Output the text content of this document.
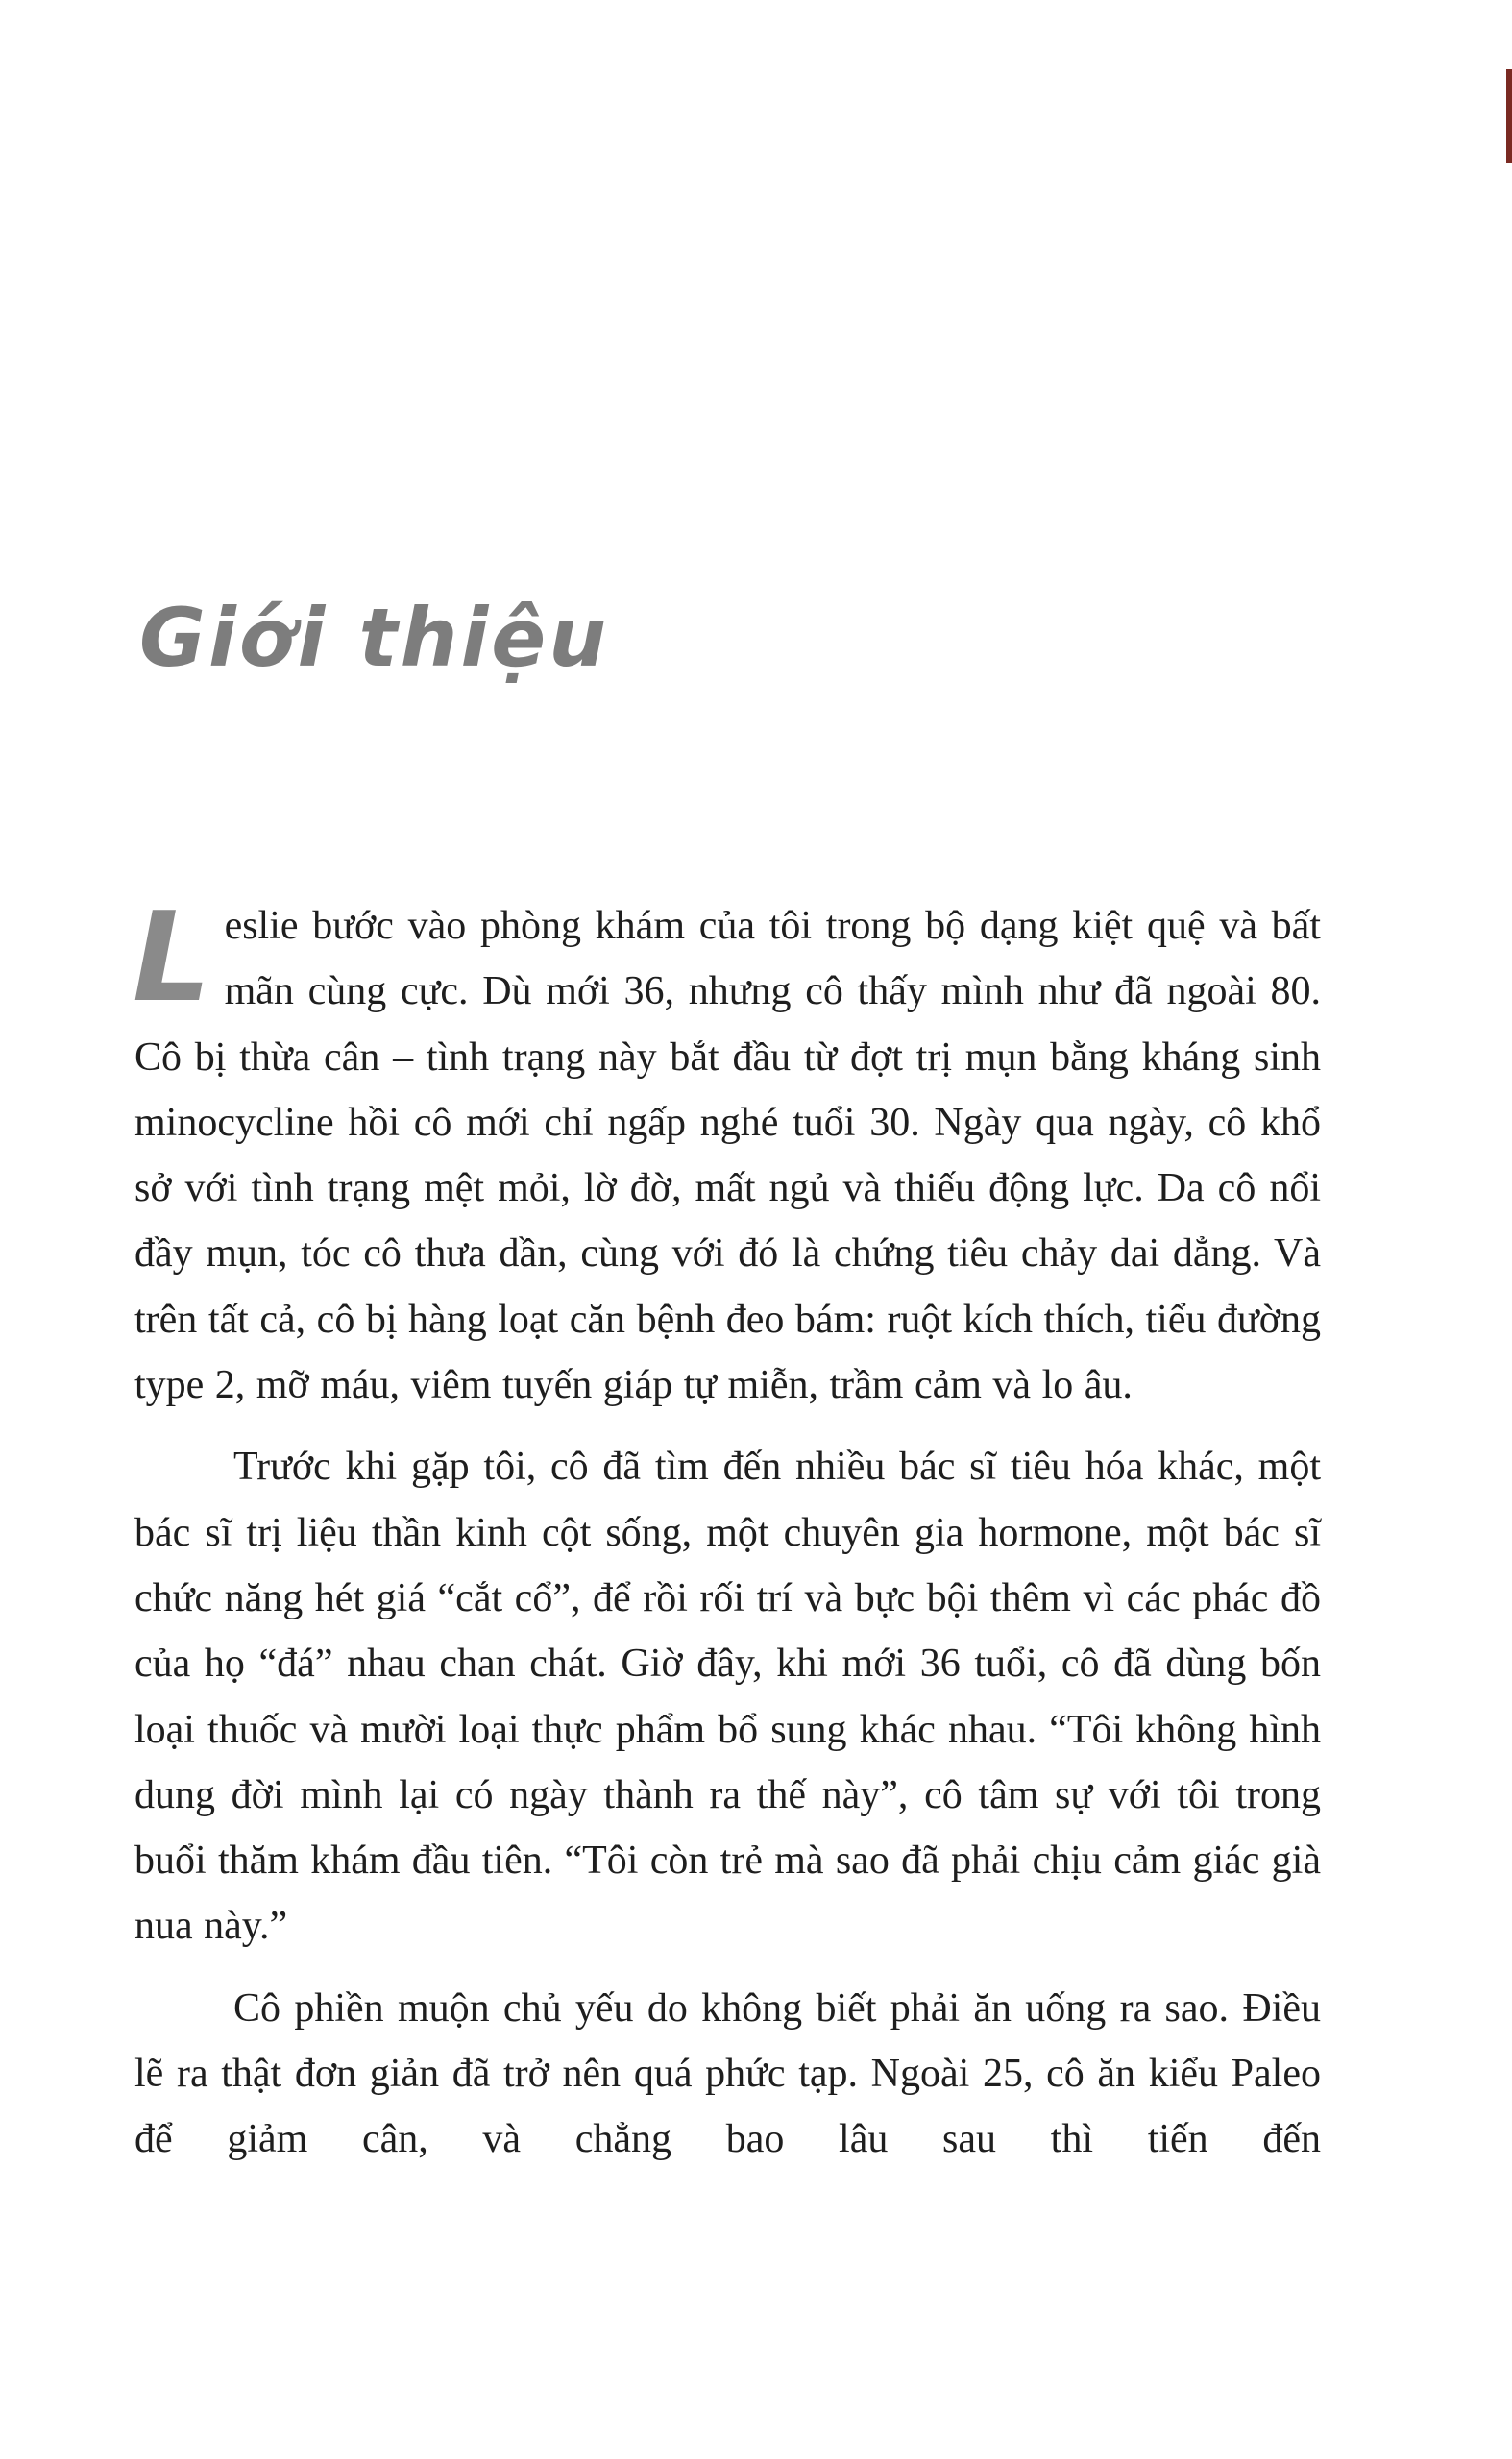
Giới thiệu

Leslie bước vào phòng khám của tôi trong bộ dạng kiệt quệ và bất mãn cùng cực. Dù mới 36, nhưng cô thấy mình như đã ngoài 80. Cô bị thừa cân – tình trạng này bắt đầu từ đợt trị mụn bằng kháng sinh minocycline hồi cô mới chỉ ngấp nghé tuổi 30. Ngày qua ngày, cô khổ sở với tình trạng mệt mỏi, lờ đờ, mất ngủ và thiếu động lực. Da cô nổi đầy mụn, tóc cô thưa dần, cùng với đó là chứng tiêu chảy dai dẳng. Và trên tất cả, cô bị hàng loạt căn bệnh đeo bám: ruột kích thích, tiểu đường type 2, mỡ máu, viêm tuyến giáp tự miễn, trầm cảm và lo âu.

Trước khi gặp tôi, cô đã tìm đến nhiều bác sĩ tiêu hóa khác, một bác sĩ trị liệu thần kinh cột sống, một chuyên gia hormone, một bác sĩ chức năng hét giá “cắt cổ”, để rồi rối trí và bực bội thêm vì các phác đồ của họ “đá” nhau chan chát. Giờ đây, khi mới 36 tuổi, cô đã dùng bốn loại thuốc và mười loại thực phẩm bổ sung khác nhau. “Tôi không hình dung đời mình lại có ngày thành ra thế này”, cô tâm sự với tôi trong buổi thăm khám đầu tiên. “Tôi còn trẻ mà sao đã phải chịu cảm giác già nua này.”

Cô phiền muộn chủ yếu do không biết phải ăn uống ra sao. Điều lẽ ra thật đơn giản đã trở nên quá phức tạp. Ngoài 25, cô ăn kiểu Paleo để giảm cân, và chẳng bao lâu sau thì tiến đến
